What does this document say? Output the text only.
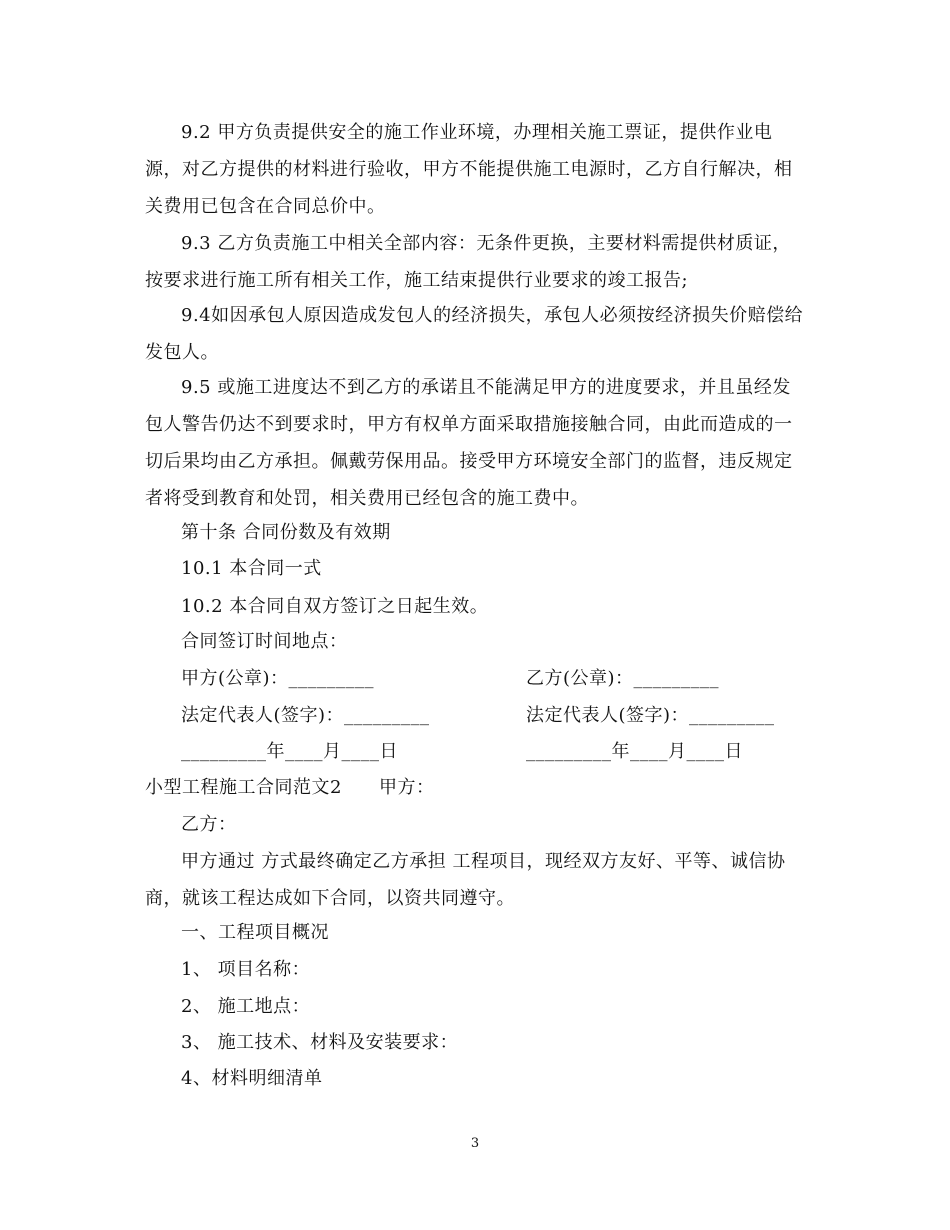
9.2 甲方负责提供安全的施工作业环境，办理相关施工票证，提供作业电源，对乙方提供的材料进行验收，甲方不能提供施工电源时，乙方自行解决，相关费用已包含在合同总价中。

9.3 乙方负责施工中相关全部内容：无条件更换，主要材料需提供材质证，按要求进行施工所有相关工作，施工结束提供行业要求的竣工报告;

9.4如因承包人原因造成发包人的经济损失，承包人必须按经济损失价赔偿给发包人。

9.5 或施工进度达不到乙方的承诺且不能满足甲方的进度要求，并且虽经发包人警告仍达不到要求时，甲方有权单方面采取措施接触合同，由此而造成的一切后果均由乙方承担。佩戴劳保用品。接受甲方环境安全部门的监督，违反规定者将受到教育和处罚，相关费用已经包含的施工费中。

第十条 合同份数及有效期

10.1 本合同一式

10.2 本合同自双方签订之日起生效。

合同签订时间地点：

甲方(公章)：_________	乙方(公章)：_________

法定代表人(签字)：_________	法定代表人(签字)：_________

_________年____月____日	_________年____月____日

小型工程施工合同范文2　　甲方：

乙方：

甲方通过 方式最终确定乙方承担 工程项目，现经双方友好、平等、诚信协商，就该工程达成如下合同，以资共同遵守。

一、工程项目概况

1、 项目名称：

2、 施工地点：

3、 施工技术、材料及安装要求：

4、材料明细清单

3
